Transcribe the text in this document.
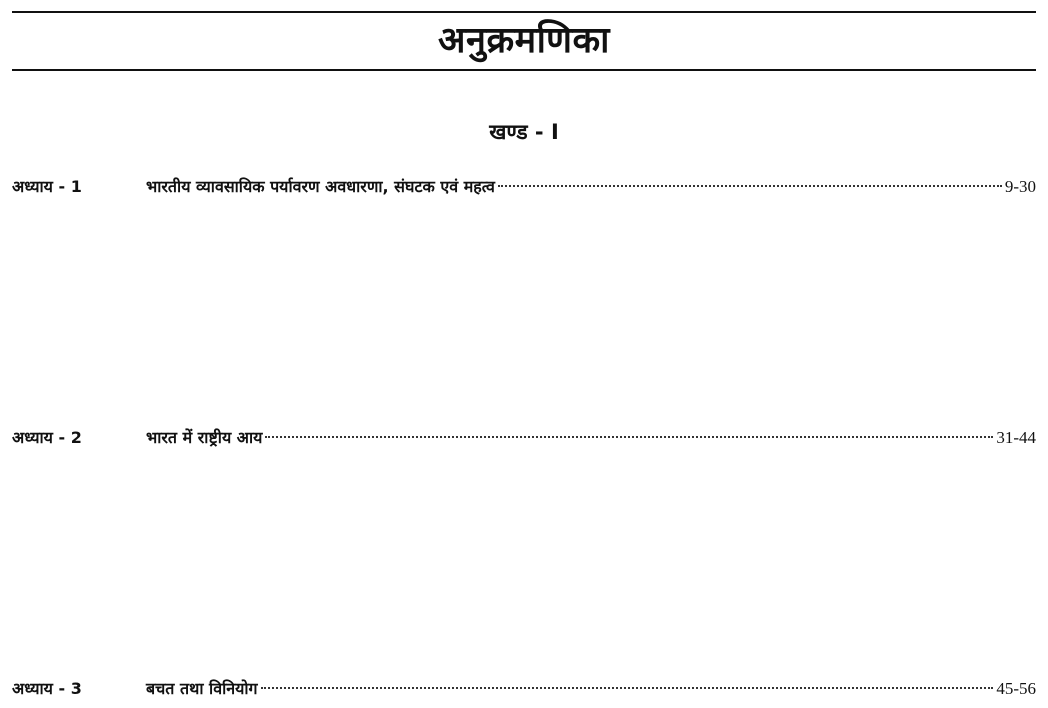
अनुक्रमणिका
खण्ड - I
अध्याय - 1	भारतीय व्यावसायिक पर्यावरण अवधारणा, संघटक एवं महत्व	9-30
अध्याय - 2	भारत में राष्ट्रीय आय	31-44
अध्याय - 3	बचत तथा विनियोग	45-56
